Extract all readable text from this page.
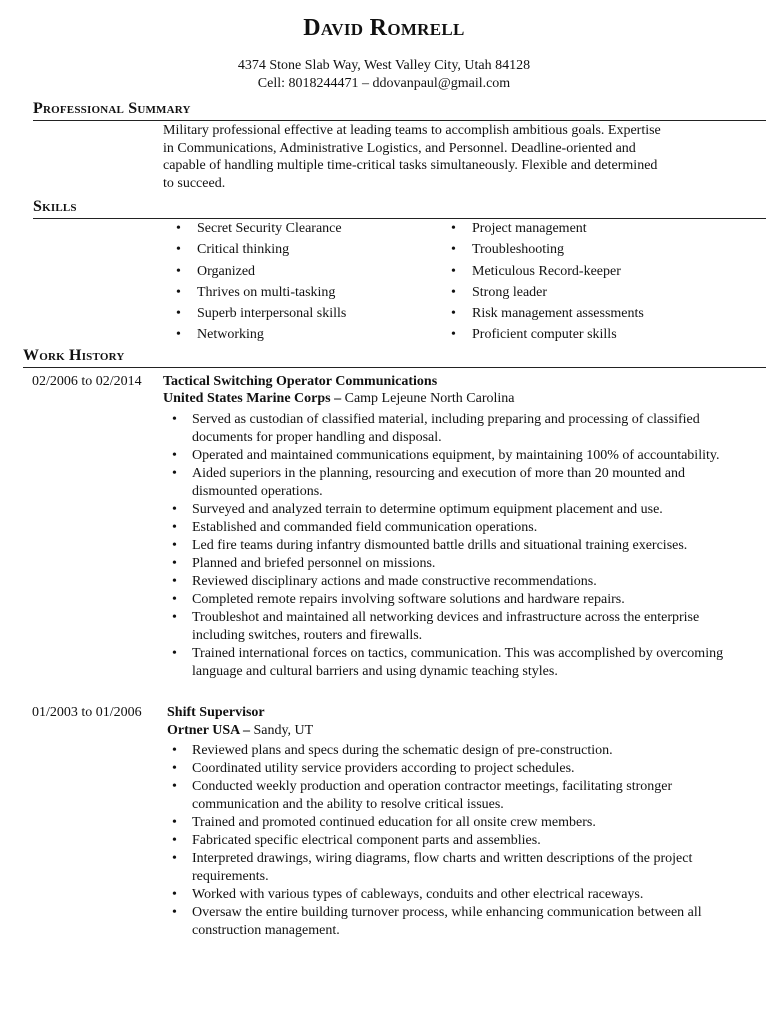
David Romrell
4374 Stone Slab Way, West Valley City, Utah 84128
Cell: 8018244471 – ddovanpaul@gmail.com
Professional Summary
Military professional effective at leading teams to accomplish ambitious goals. Expertise
in Communications, Administrative Logistics, and Personnel. Deadline-oriented and
capable of handling multiple time-critical tasks simultaneously. Flexible and determined
to succeed.
Skills
• Secret Security Clearance
• Critical thinking
• Organized
• Thrives on multi-tasking
• Superb interpersonal skills
• Networking
• Project management
• Troubleshooting
• Meticulous Record-keeper
• Strong leader
• Risk management assessments
• Proficient computer skills
Work History
02/2006 to 02/2014 Tactical Switching Operator Communications
United States Marine Corps – Camp Lejeune North Carolina
• Served as custodian of classified material, including preparing and processing of classified documents for proper handling and disposal.
• Operated and maintained communications equipment, by maintaining 100% of accountability.
• Aided superiors in the planning, resourcing and execution of more than 20 mounted and dismounted operations.
• Surveyed and analyzed terrain to determine optimum equipment placement and use.
• Established and commanded field communication operations.
• Led fire teams during infantry dismounted battle drills and situational training exercises.
• Planned and briefed personnel on missions.
• Reviewed disciplinary actions and made constructive recommendations.
• Completed remote repairs involving software solutions and hardware repairs.
• Troubleshot and maintained all networking devices and infrastructure across the enterprise including switches, routers and firewalls.
• Trained international forces on tactics, communication. This was accomplished by overcoming language and cultural barriers and using dynamic teaching styles.
01/2003 to 01/2006 Shift Supervisor
Ortner USA – Sandy, UT
• Reviewed plans and specs during the schematic design of pre-construction.
• Coordinated utility service providers according to project schedules.
• Conducted weekly production and operation contractor meetings, facilitating stronger communication and the ability to resolve critical issues.
• Trained and promoted continued education for all onsite crew members.
• Fabricated specific electrical component parts and assemblies.
• Interpreted drawings, wiring diagrams, flow charts and written descriptions of the project requirements.
• Worked with various types of cableways, conduits and other electrical raceways.
• Oversaw the entire building turnover process, while enhancing communication between all construction management.
